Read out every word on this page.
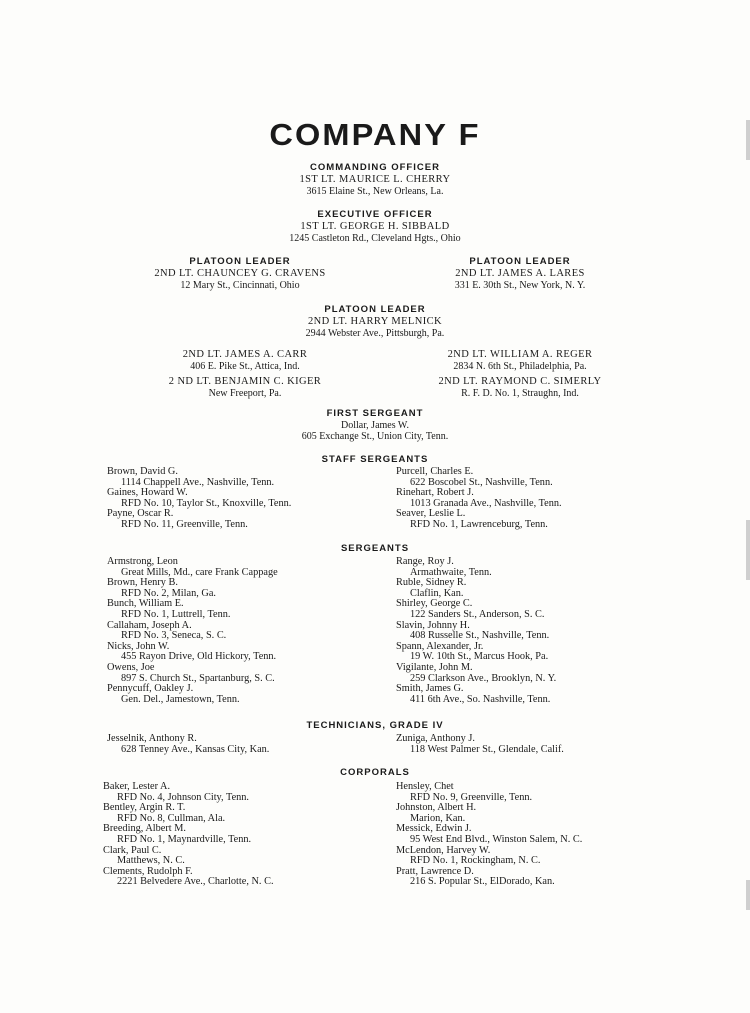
COMPANY F
COMMANDING OFFICER
1ST LT. MAURICE L. CHERRY
3615 Elaine St., New Orleans, La.
EXECUTIVE OFFICER
1ST LT. GEORGE H. SIBBALD
1245 Castleton Rd., Cleveland Hgts., Ohio
PLATOON LEADER
2ND LT. CHAUNCEY G. CRAVENS
12 Mary St., Cincinnati, Ohio
PLATOON LEADER
2ND LT. JAMES A. LARES
331 E. 30th St., New York, N. Y.
PLATOON LEADER
2ND LT. HARRY MELNICK
2944 Webster Ave., Pittsburgh, Pa.
2ND LT. JAMES A. CARR
406 E. Pike St., Attica, Ind.
2ND LT. WILLIAM A. REGER
2834 N. 6th St., Philadelphia, Pa.
2 ND LT. BENJAMIN C. KIGER
New Freeport, Pa.
2ND LT. RAYMOND C. SIMERLY
R. F. D. No. 1, Straughn, Ind.
FIRST SERGEANT
Dollar, James W.
605 Exchange St., Union City, Tenn.
STAFF SERGEANTS
Brown, David G.
1114 Chappell Ave., Nashville, Tenn.
Gaines, Howard W.
RFD No. 10, Taylor St., Knoxville, Tenn.
Payne, Oscar R.
RFD No. 11, Greenville, Tenn.
Purcell, Charles E.
622 Boscobel St., Nashville, Tenn.
Rinehart, Robert J.
1013 Granada Ave., Nashville, Tenn.
Seaver, Leslie L.
RFD No. 1, Lawrenceburg, Tenn.
SERGEANTS
Armstrong, Leon
Great Mills, Md., care Frank Cappage
Brown, Henry B.
RFD No. 2, Milan, Ga.
Bunch, William E.
RFD No. 1, Luttrell, Tenn.
Callaham, Joseph A.
RFD No. 3, Seneca, S. C.
Nicks, John W.
455 Rayon Drive, Old Hickory, Tenn.
Owens, Joe
897 S. Church St., Spartanburg, S. C.
Pennycuff, Oakley J.
Gen. Del., Jamestown, Tenn.
Range, Roy J.
Armathwaite, Tenn.
Ruble, Sidney R.
Claflin, Kan.
Shirley, George C.
122 Sanders St., Anderson, S. C.
Slavin, Johnny H.
408 Russelle St., Nashville, Tenn.
Spann, Alexander, Jr.
19 W. 10th St., Marcus Hook, Pa.
Vigilante, John M.
259 Clarkson Ave., Brooklyn, N. Y.
Smith, James G.
411 6th Ave., So. Nashville, Tenn.
TECHNICIANS, GRADE IV
Jesselnik, Anthony R.
628 Tenney Ave., Kansas City, Kan.
Zuniga, Anthony J.
118 West Palmer St., Glendale, Calif.
CORPORALS
Baker, Lester A.
RFD No. 4, Johnson City, Tenn.
Bentley, Argin R. T.
RFD No. 8, Cullman, Ala.
Breeding, Albert M.
RFD No. 1, Maynardville, Tenn.
Clark, Paul C.
Matthews, N. C.
Clements, Rudolph F.
2221 Belvedere Ave., Charlotte, N. C.
Hensley, Chet
RFD No. 9, Greenville, Tenn.
Johnston, Albert H.
Marion, Kan.
Messick, Edwin J.
95 West End Blvd., Winston Salem, N. C.
McLendon, Harvey W.
RFD No. 1, Rockingham, N. C.
Pratt, Lawrence D.
216 S. Popular St., ElDorado, Kan.
